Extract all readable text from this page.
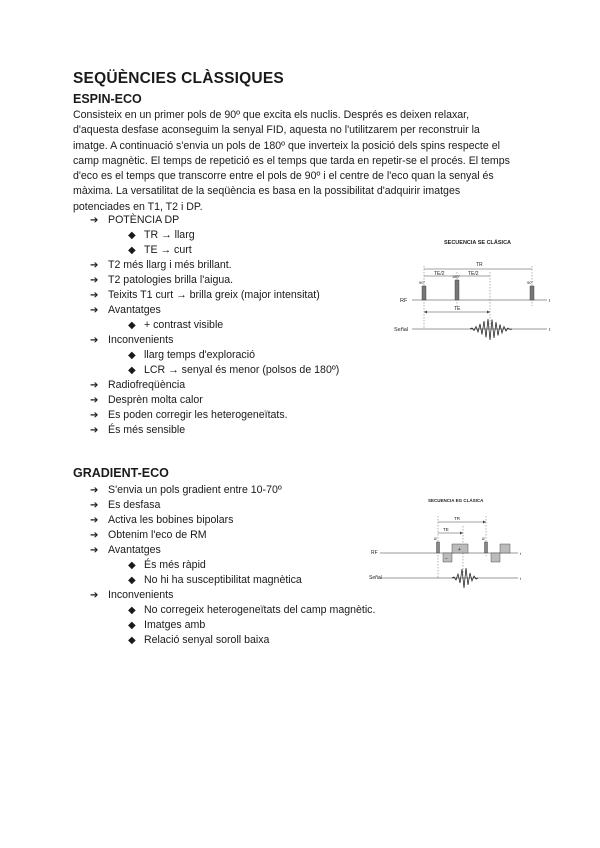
SEQÜÈNCIES CLÀSSIQUES
ESPIN-ECO

Consisteix en un primer pols de 90º que excita els nuclis. Després es deixen relaxar, d'aquesta desfase aconseguim la senyal FID, aquesta no l'utilitzarem per reconstruir la imatge. A continuació s'envia un pols de 180º que inverteix la posició dels spins respecte el camp magnètic. El temps de repetició es el temps que tarda en repetir-se el procés. El temps d'eco es el temps que transcorre entre el pols de 90º i el centre de l'eco quan la senyal és màxima. La versatilitat de la seqüència es basa en la possibilitat d'adquirir imatges potenciades en T1, T2 i DP.

➔ POTÈNCIA DP
◆ TR → llarg
◆ TE → curt
➔ T2 més llarg i més brillant.
➔ T2 patologies brilla l'aigua.
➔ Teixits T1 curt → brilla greix (major intensitat)
➔ Avantatges
◆ + contrast visible
➔ Inconvenients
◆ llarg temps d'exploració
◆ LCR → senyal és menor (polsos de 180º)
➔ Radiofreqüència
➔ Desprèn molta calor
➔ Es poden corregir les heterogeneïtats.
➔ És més sensible
SECUENCIA SE CLÁSICA
TR
TE/2	TE/2
RF	t
90°
180°
90°
TE
Señal	t
GRADIENT-ECO
➔ S'envia un pols gradient entre 10-70º
➔ Es desfasa
➔ Activa les bobines bipolars
➔ Obtenim l'eco de RM
➔ Avantatges
◆ És més ràpid
◆ No hi ha susceptibilitat magnètica
➔ Inconvenients
◆ No corregeix heterogeneïtats del camp magnètic.
◆ Imatges amb
◆ Relació senyal soroll baixa
SECUENCIA EG CLÁSICA
TR
TE
RF	t
α	α
−
+
Señal	t
